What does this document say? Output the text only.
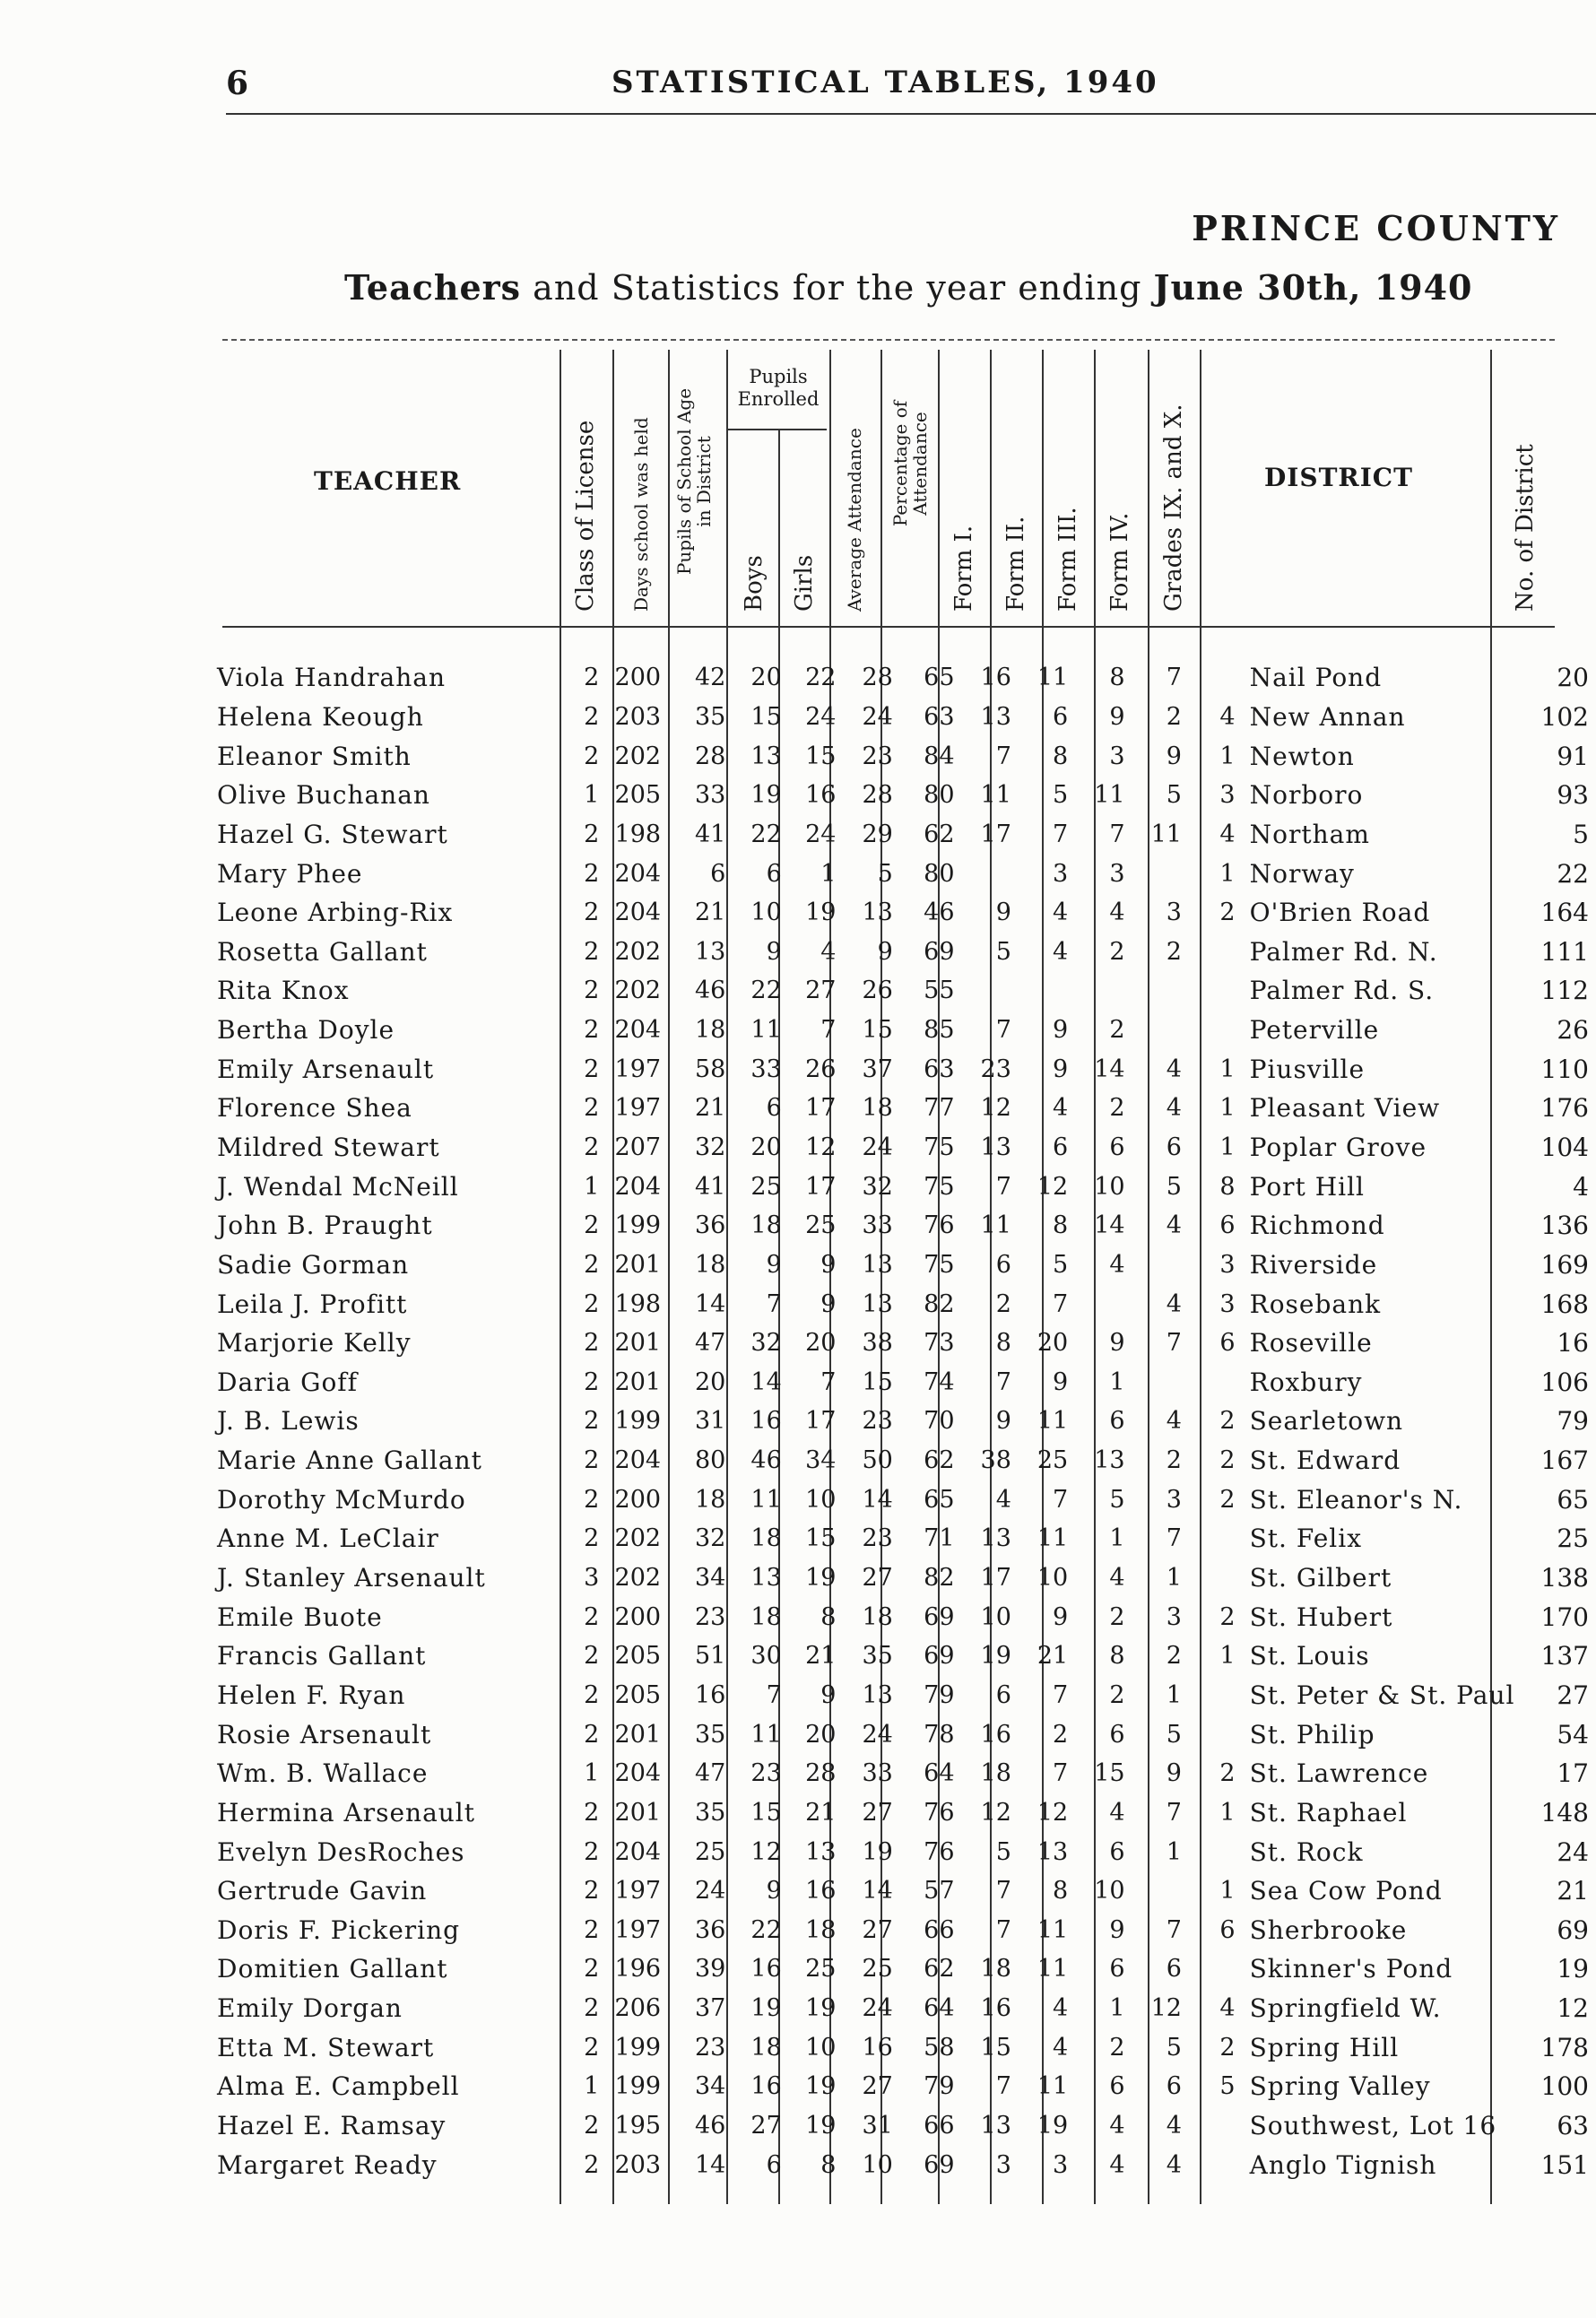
6	STATISTICAL TABLES, 1940
PRINCE COUNTY
Teachers and Statistics for the year ending June 30th, 1940
TEACHER	DISTRICT
Class of License Days school was held Pupils of School Age
in District
Pupils
Enrolled
Boys Girls Average Attendance Percentage of
Attendance
Form I. Form II. Form III. Form IV. Grades IX. and X.	No. of District
Viola Handrahan	2	200	42	20	22	28	65	16	11	8	7		Nail Pond	20
Helena Keough	2	203	35	15	24	24	63	13	6	9	2	4	New Annan	102
Eleanor Smith	2	202	28	13	15	23	84	7	8	3	9	1	Newton	91
Olive Buchanan	1	205	33	19	16	28	80	11	5	11	5	3	Norboro	93
Hazel G. Stewart	2	198	41	22	24	29	62	17	7	7	11	4	Northam	5
Mary Phee	2	204	6	6	1	5	80		3	3		1	Norway	22
Leone Arbing-Rix	2	204	21	10	19	13	46	9	4	4	3	2	O'Brien Road	164
Rosetta Gallant	2	202	13	9	4	9	69	5	4	2	2		Palmer Rd. N.	111
Rita Knox	2	202	46	22	27	26	55						Palmer Rd. S.	112
Bertha Doyle	2	204	18	11	7	15	85	7	9	2			Peterville	26
Emily Arsenault	2	197	58	33	26	37	63	23	9	14	4	1	Piusville	110
Florence Shea	2	197	21	6	17	18	77	12	4	2	4	1	Pleasant View	176
Mildred Stewart	2	207	32	20	12	24	75	13	6	6	6	1	Poplar Grove	104
J. Wendal McNeill	1	204	41	25	17	32	75	7	12	10	5	8	Port Hill	4
John B. Praught	2	199	36	18	25	33	76	11	8	14	4	6	Richmond	136
Sadie Gorman	2	201	18	9	9	13	75	6	5	4		3	Riverside	169
Leila J. Profitt	2	198	14	7	9	13	82	2	7		4	3	Rosebank	168
Marjorie Kelly	2	201	47	32	20	38	73	8	20	9	7	6	Roseville	16
Daria Goff	2	201	20	14	7	15	74	7	9	1			Roxbury	106
J. B. Lewis	2	199	31	16	17	23	70	9	11	6	4	2	Searletown	79
Marie Anne Gallant	2	204	80	46	34	50	62	38	25	13	2	2	St. Edward	167
Dorothy McMurdo	2	200	18	11	10	14	65	4	7	5	3	2	St. Eleanor's N.	65
Anne M. LeClair	2	202	32	18	15	23	71	13	11	1	7		St. Felix	25
J. Stanley Arsenault	3	202	34	13	19	27	82	17	10	4	1		St. Gilbert	138
Emile Buote	2	200	23	18	8	18	69	10	9	2	3	2	St. Hubert	170
Francis Gallant	2	205	51	30	21	35	69	19	21	8	2	1	St. Louis	137
Helen F. Ryan	2	205	16	7	9	13	79	6	7	2	1		St. Peter & St. Paul	27
Rosie Arsenault	2	201	35	11	20	24	78	16	2	6	5		St. Philip	54
Wm. B. Wallace	1	204	47	23	28	33	64	18	7	15	9	2	St. Lawrence	17
Hermina Arsenault	2	201	35	15	21	27	76	12	12	4	7	1	St. Raphael	148
Evelyn DesRoches	2	204	25	12	13	19	76	5	13	6	1		St. Rock	24
Gertrude Gavin	2	197	24	9	16	14	57	7	8	10		1	Sea Cow Pond	21
Doris F. Pickering	2	197	36	22	18	27	66	7	11	9	7	6	Sherbrooke	69
Domitien Gallant	2	196	39	16	25	25	62	18	11	6	6		Skinner's Pond	19
Emily Dorgan	2	206	37	19	19	24	64	16	4	1	12	4	Springfield W.	12
Etta M. Stewart	2	199	23	18	10	16	58	15	4	2	5	2	Spring Hill	178
Alma E. Campbell	1	199	34	16	19	27	79	7	11	6	6	5	Spring Valley	100
Hazel E. Ramsay	2	195	46	27	19	31	66	13	19	4	4		Southwest, Lot 16	63
Margaret Ready	2	203	14	6	8	10	69	3	3	4	4		Anglo Tignish	151
